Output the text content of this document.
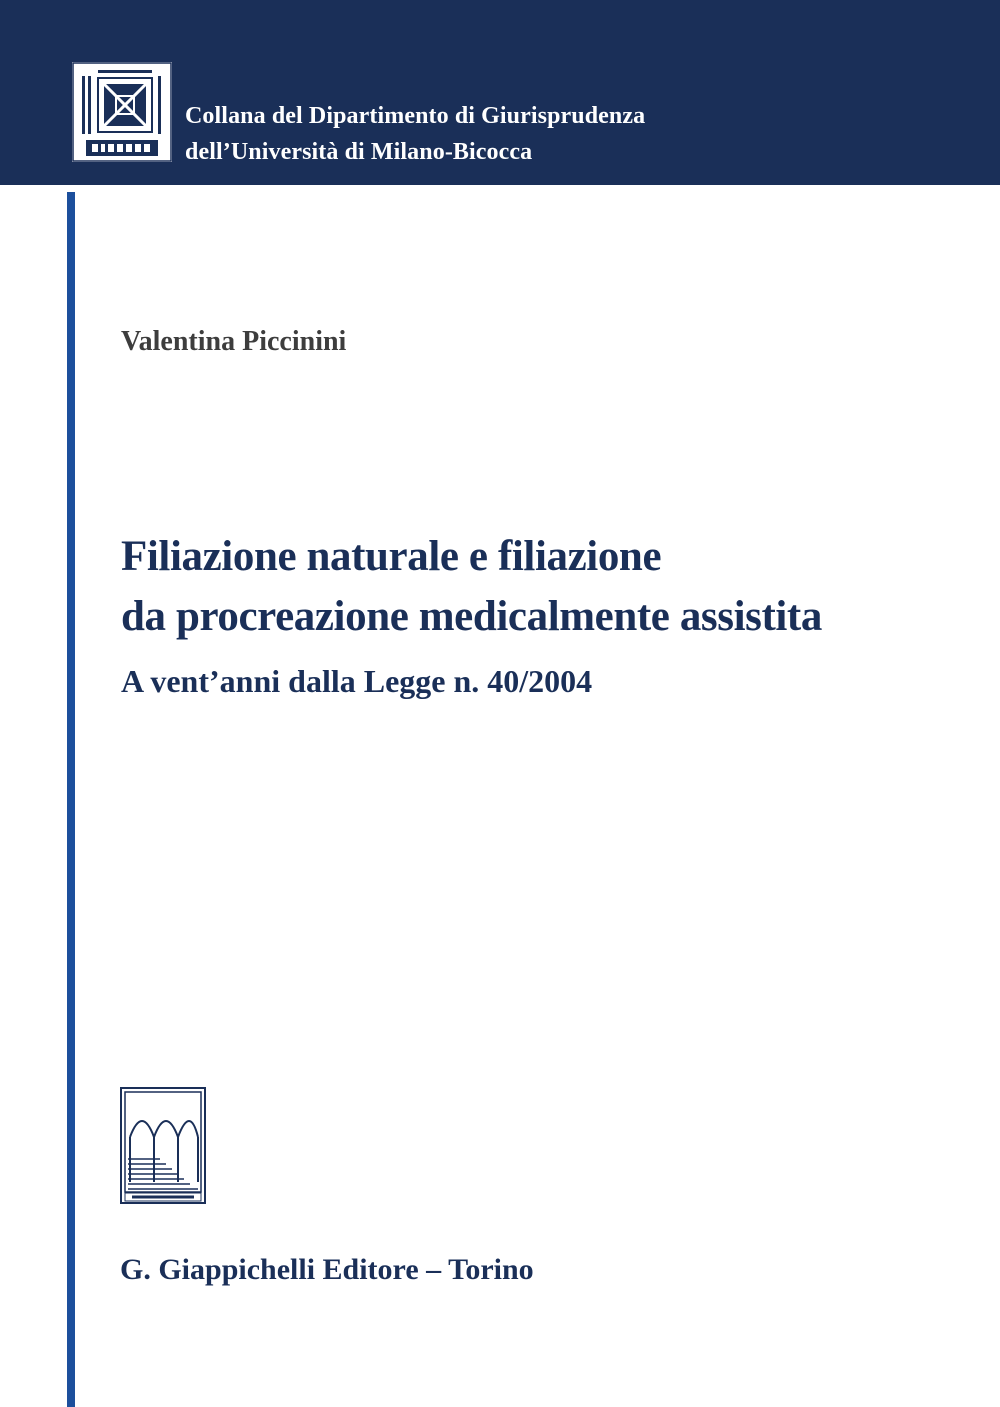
Collana del Dipartimento di Giurisprudenza
dell’Università di Milano-Bicocca
Valentina Piccinini
Filiazione naturale e filiazione
da procreazione medicalmente assistita
A vent’anni dalla Legge n. 40/2004
G. Giappichelli Editore – Torino
